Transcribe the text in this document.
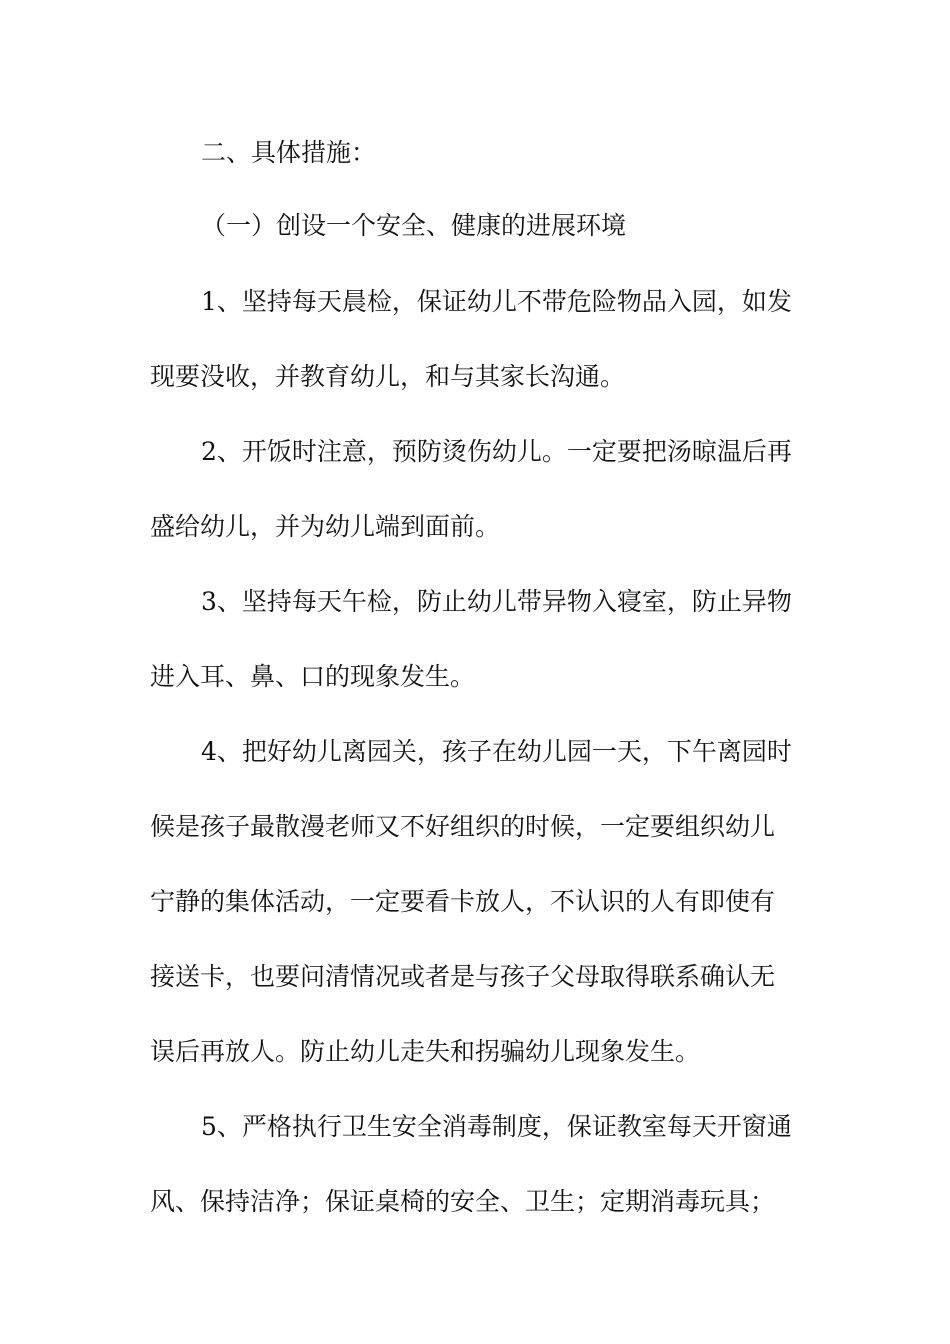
二、具体措施：
（一）创设一个安全、健康的进展环境
1、坚持每天晨检，保证幼儿不带危险物品入园，如发
现要没收，并教育幼儿，和与其家长沟通。
2、开饭时注意，预防烫伤幼儿。一定要把汤晾温后再
盛给幼儿，并为幼儿端到面前。
3、坚持每天午检，防止幼儿带异物入寝室，防止异物
进入耳、鼻、口的现象发生。
4、把好幼儿离园关，孩子在幼儿园一天，下午离园时
候是孩子最散漫老师又不好组织的时候，一定要组织幼儿
宁静的集体活动，一定要看卡放人，不认识的人有即使有
接送卡，也要问清情况或者是与孩子父母取得联系确认无
误后再放人。防止幼儿走失和拐骗幼儿现象发生。
5、严格执行卫生安全消毒制度，保证教室每天开窗通
风、保持洁净；保证桌椅的安全、卫生；定期消毒玩具；
